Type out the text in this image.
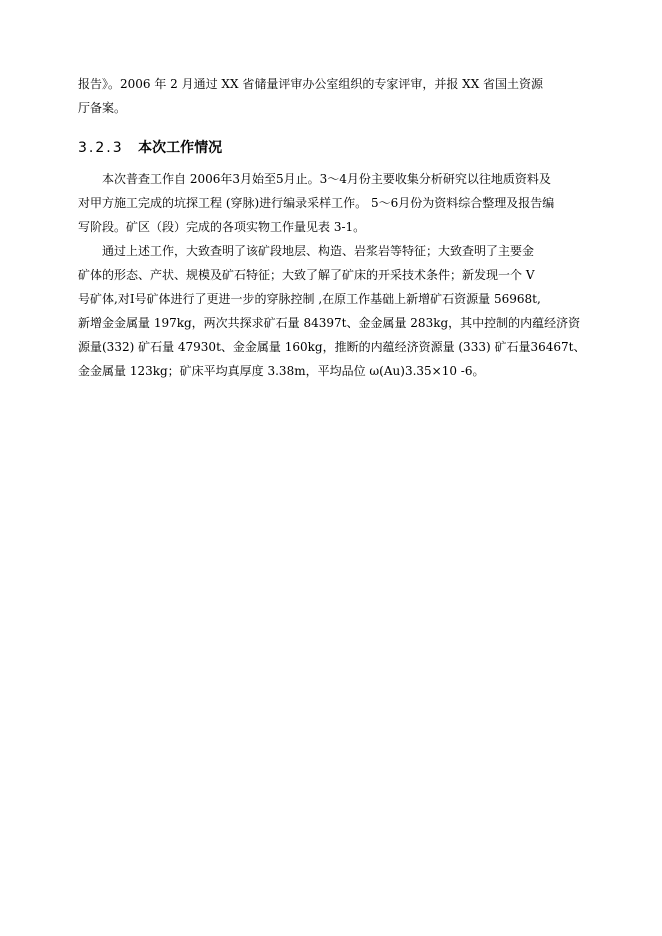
报告》。2006 年 2 月通过 XX 省储量评审办公室组织的专家评审，并报 XX 省国土资源
厅备案。
3.2.3 本次工作情况
本次普查工作自 2006年3月始至5月止。3～4月份主要收集分析研究以往地质资料及
对甲方施工完成的坑探工程 (穿脉)进行编录采样工作。 5～6月份为资料综合整理及报告编
写阶段。矿区（段）完成的各项实物工作量见表 3-1。
通过上述工作，大致查明了该矿段地层、构造、岩浆岩等特征；大致查明了主要金
矿体的形态、产状、规模及矿石特征；大致了解了矿床的开采技术条件；新发现一个 V
号矿体,对Ⅰ号矿体进行了更进一步的穿脉控制 ,在原工作基础上新增矿石资源量 56968t,
新增金金属量 197kg，两次共探求矿石量 84397t、金金属量 283kg，其中控制的内蕴经济资
源量(332) 矿石量 47930t、金金属量 160kg，推断的内蕴经济资源量 (333) 矿石量36467t、
金金属量 123kg；矿床平均真厚度 3.38m，平均品位 ω(Au)3.35×10 -6。
